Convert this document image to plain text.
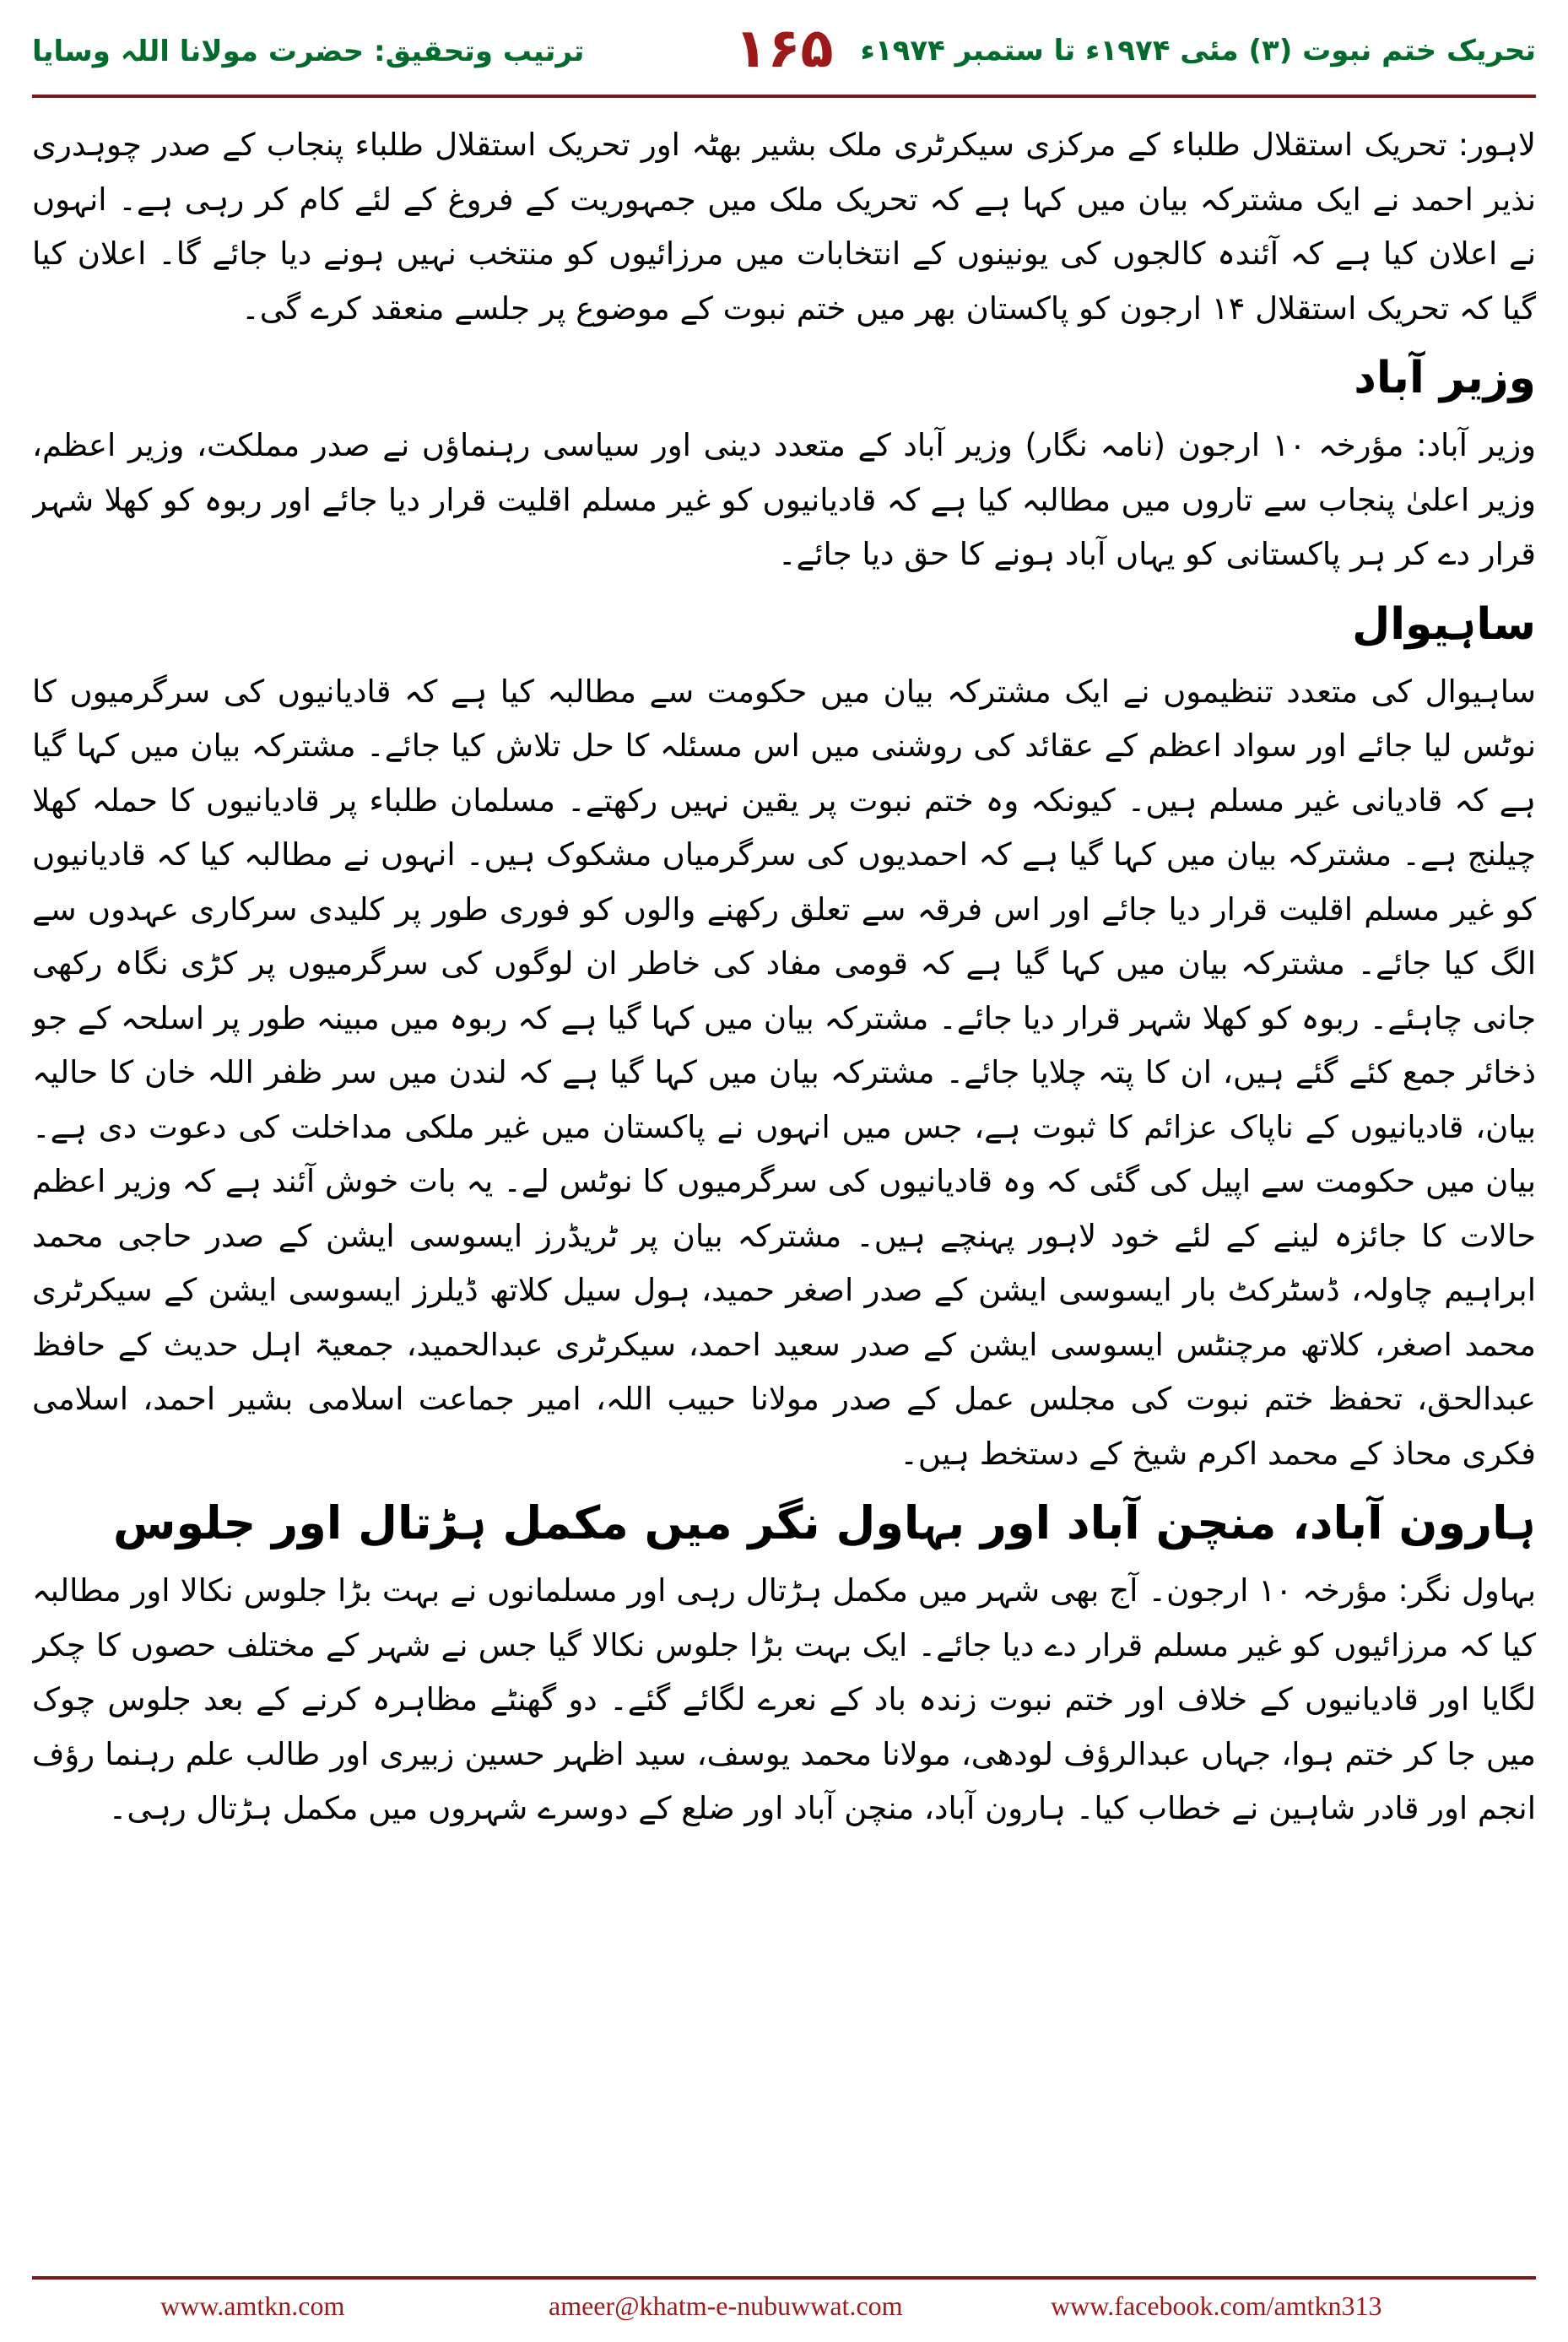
ترتیب وتحقیق: حضرت مولانا اللہ وسایا	۱۶۵ تحریک ختم نبوت (۳) مئی ۱۹۷۴ء تا ستمبر ۱۹۷۴ء

لاہور: تحریک استقلال طلباء کے مرکزی سیکرٹری ملک بشیر بھٹہ اور تحریک استقلال طلباء پنجاب کے صدر چوہدری نذیر احمد نے ایک مشترکہ بیان میں کہا ہے کہ تحریک ملک میں جمہوریت کے فروغ کے لئے کام کر رہی ہے۔ انہوں نے اعلان کیا ہے کہ آئندہ کالجوں کی یونینوں کے انتخابات میں مرزائیوں کو منتخب نہیں ہونے دیا جائے گا۔ اعلان کیا گیا کہ تحریک استقلال ۱۴ ارجون کو پاکستان بھر میں ختم نبوت کے موضوع پر جلسے منعقد کرے گی۔

وزیر آباد

وزیر آباد: مؤرخہ ۱۰ ارجون (نامہ نگار) وزیر آباد کے متعدد دینی اور سیاسی رہنماؤں نے صدر مملکت، وزیر اعظم، وزیر اعلیٰ پنجاب سے تاروں میں مطالبہ کیا ہے کہ قادیانیوں کو غیر مسلم اقلیت قرار دیا جائے اور ربوہ کو کھلا شہر قرار دے کر ہر پاکستانی کو یہاں آباد ہونے کا حق دیا جائے۔

ساہیوال

ساہیوال کی متعدد تنظیموں نے ایک مشترکہ بیان میں حکومت سے مطالبہ کیا ہے کہ قادیانیوں کی سرگرمیوں کا نوٹس لیا جائے اور سواد اعظم کے عقائد کی روشنی میں اس مسئلہ کا حل تلاش کیا جائے۔ مشترکہ بیان میں کہا گیا ہے کہ قادیانی غیر مسلم ہیں۔ کیونکہ وہ ختم نبوت پر یقین نہیں رکھتے۔ مسلمان طلباء پر قادیانیوں کا حملہ کھلا چیلنج ہے۔ مشترکہ بیان میں کہا گیا ہے کہ احمدیوں کی سرگرمیاں مشکوک ہیں۔ انہوں نے مطالبہ کیا کہ قادیانیوں کو غیر مسلم اقلیت قرار دیا جائے اور اس فرقہ سے تعلق رکھنے والوں کو فوری طور پر کلیدی سرکاری عہدوں سے الگ کیا جائے۔ مشترکہ بیان میں کہا گیا ہے کہ قومی مفاد کی خاطر ان لوگوں کی سرگرمیوں پر کڑی نگاہ رکھی جانی چاہئے۔ ربوہ کو کھلا شہر قرار دیا جائے۔ مشترکہ بیان میں کہا گیا ہے کہ ربوہ میں مبینہ طور پر اسلحہ کے جو ذخائر جمع کئے گئے ہیں، ان کا پتہ چلایا جائے۔ مشترکہ بیان میں کہا گیا ہے کہ لندن میں سر ظفر اللہ خان کا حالیہ بیان، قادیانیوں کے ناپاک عزائم کا ثبوت ہے، جس میں انہوں نے پاکستان میں غیر ملکی مداخلت کی دعوت دی ہے۔ بیان میں حکومت سے اپیل کی گئی کہ وہ قادیانیوں کی سرگرمیوں کا نوٹس لے۔ یہ بات خوش آئند ہے کہ وزیر اعظم حالات کا جائزہ لینے کے لئے خود لاہور پہنچے ہیں۔ مشترکہ بیان پر ٹریڈرز ایسوسی ایشن کے صدر حاجی محمد ابراہیم چاولہ، ڈسٹرکٹ بار ایسوسی ایشن کے صدر اصغر حمید، ہول سیل کلاتھ ڈیلرز ایسوسی ایشن کے سیکرٹری محمد اصغر، کلاتھ مرچنٹس ایسوسی ایشن کے صدر سعید احمد، سیکرٹری عبدالحمید، جمعیۃ اہل حدیث کے حافظ عبدالحق، تحفظ ختم نبوت کی مجلس عمل کے صدر مولانا حبیب اللہ، امیر جماعت اسلامی بشیر احمد، اسلامی فکری محاذ کے محمد اکرم شیخ کے دستخط ہیں۔

ہارون آباد، منچن آباد اور بہاول نگر میں مکمل ہڑتال اور جلوس

بہاول نگر: مؤرخہ ۱۰ ارجون۔ آج بھی شہر میں مکمل ہڑتال رہی اور مسلمانوں نے بہت بڑا جلوس نکالا اور مطالبہ کیا کہ مرزائیوں کو غیر مسلم قرار دے دیا جائے۔ ایک بہت بڑا جلوس نکالا گیا جس نے شہر کے مختلف حصوں کا چکر لگایا اور قادیانیوں کے خلاف اور ختم نبوت زندہ باد کے نعرے لگائے گئے۔ دو گھنٹے مظاہرہ کرنے کے بعد جلوس چوک میں جا کر ختم ہوا، جہاں عبدالرؤف لودھی، مولانا محمد یوسف، سید اظہر حسین زبیری اور طالب علم رہنما رؤف انجم اور قادر شاہین نے خطاب کیا۔ ہارون آباد، منچن آباد اور ضلع کے دوسرے شہروں میں مکمل ہڑتال رہی۔

www.amtkn.com	ameer@khatm-e-nubuwwat.com	www.facebook.com/amtkn313
